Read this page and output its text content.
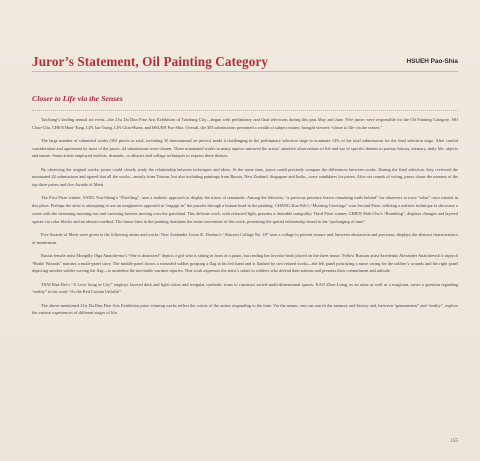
Juror’s Statement, Oil Painting Category	HSUEH Pao-Shia
Closer to Life via the Senses

Taichung’s leading annual art event—the 21st Da Dun Fine Arts Exhibition of Taichung City—began with preliminary and final selections during this past May and June. Five jurors were responsible for the Oil Painting Category: HO Chao-Chu, CHEN Huei-Tung, LIN Jau-Tsang, LIN Chin-Hsien, and HSUEH Pao-Shia. Overall, the 303 submissions presented a wealth of subject matter, brought viewers “closer to life via the senses.”

The large number of submitted works (303 pieces in total, including 30 international art pieces) made it challenging in the preliminary selection stage to nominate 14% of the total submissions for the final selection stage. After careful consideration and agreement by most of the jurors, 44 submissions were chosen. These nominated works in many aspects mirrored the artists’ attentive observations of life and use of specific themes to portray history, memory, daily life, objects and nature. Some artists employed realistic, dramatic, or abstract and collage techniques to express these themes.

By observing the original works, jurors could closely study the relationship between techniques and ideas. At the same time, jurors could precisely compare the differences between works. During the final selection, they reviewed the nominated 42 submissions and agreed that all the works—mostly from Taiwan, but also including paintings from Russia, New Zealand, Singapore and India—were candidates for prizes. After six rounds of voting, jurors chose the winners of the top three prizes and five Awards of Merit.

The First Prize winner, YANG You-Sheng’s “Dwelling”, uses a realistic approach to display the traces of remainder. Among the leftovers, “a previous presence leaves remaining trails behind” for observers to trace “what” once existed in this place. Perhaps the artist is attempting to use an imaginative approach to “engage in” the puzzles through a human head in the painting. CHANG Kuo-Erh’s “Morning Greetings” won Second Prize, utilizing a realistic technique to showcase a scene with the streaming morning sun and caressing breezes moving over the grassland. This delicate work, with refracted light, presents a desirable tranquility. Third Prize winner, CHIEN Shih-Chu’s “Rambling”, displays changes and layered spaces via color blocks and an abstract method. The linear lines in the painting dominate the entire movement of this work, presenting the spatial relationship found in the “prolonging of time”.

Five Awards of Merit were given to the following artists and works: New Zealander Lucas K. Doolan’s “Abstract Collage No. 18” uses a collage to present texture and, between abstraction and precision, displays the abstract characteristics of modernism.

Russia female artist Mongilly Olga Anatolievna’s “She is distracted” depicts a girl who is sitting in front of a piano, but reading her favorite book placed on the sheet music. Fellow Russian artist Savelenko Alexander Anatolievich’s triptych “Battle Wounds” narrates a multi-panel story. The middle panel shows a wounded soldier grasping a flag in his left hand and is flanked by two related works—the left panel portraying a nurse caring for the soldier’s wounds and the right panel depicting another soldier waving the flag—to underline the inevitable wartime injuries. This work expresses the artist’s salute to soldiers who defend their nations and presents their commitment and attitude.

TSAI Run-Dei’s “A Love Song in City” employs layered dark and light colors and irregular symbolic icons to construct varied multi-dimensional spaces. KAO Zhao-Liang, as an artist as well as a magician, raises a question regarding “reality” in his work “As the Red Curtain Unfolds”.

The above-mentioned 21st Da Dun Fine Arts Exhibition prize-winning works reflect the voices of the artists responding to the time. Via the senses, one can search the memory and history and, between “genuineness” and “reality”, explore the various experiences of different stages of life.

155
